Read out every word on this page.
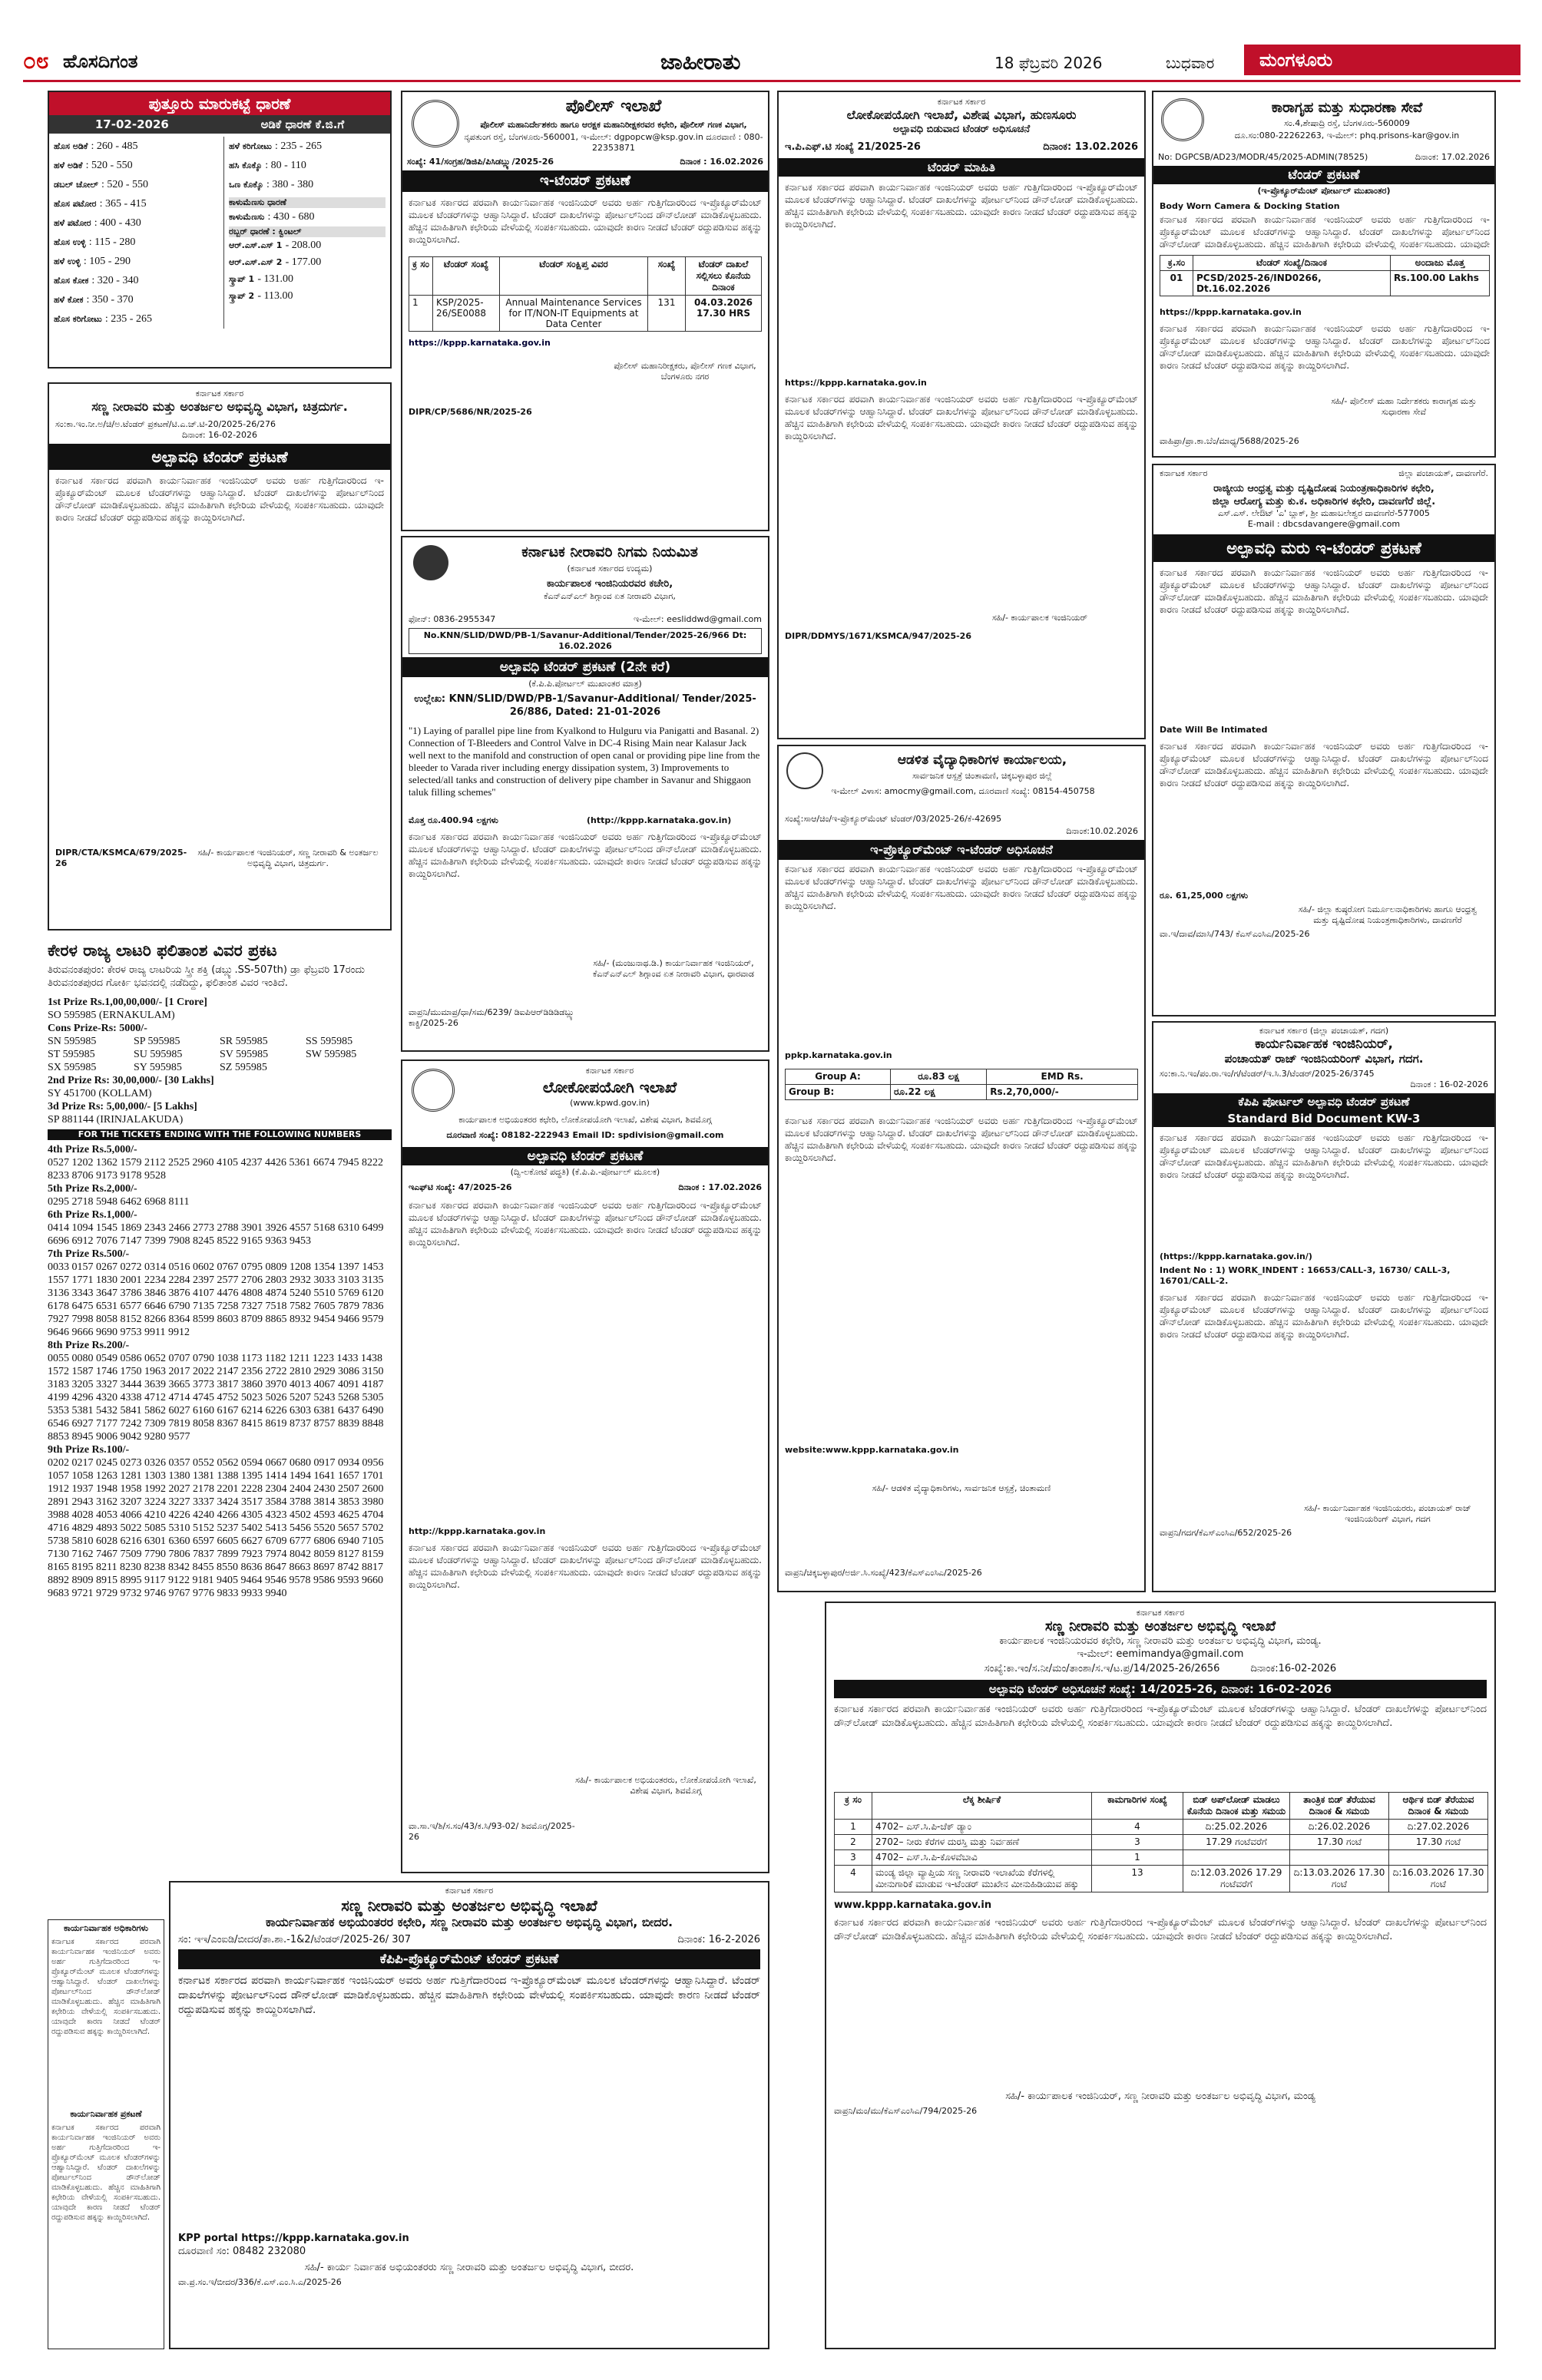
೦೮ ಹೊಸದಿಗಂತ	ಜಾಹೀರಾತು	18 ಫೆಬ್ರವರಿ 2026	ಬುಧವಾರ	ಮಂಗಳೂರು
ಪುತ್ತೂರು ಮಾರುಕಟ್ಟೆ ಧಾರಣೆ
17-02-2026	ಅಡಿಕೆ ಧಾರಣೆ ಕೆ.ಜಿ.ಗೆ
ಹೊಸ ಅಡಿಕೆ : 260 - 485
ಹಳೆ ಅಡಿಕೆ : 520 - 550
ಡಬಲ್ ಚೋಲ್ : 520 - 550
ಹೊಸ ಪಟೋರ : 365 - 415
ಹಳೆ ಪಟೋರ : 400 - 430
ಹೊಸ ಉಳ್ಳಿ : 115 - 280
ಹಳೆ ಉಳ್ಳಿ : 105 - 290
ಹೊಸ ಕೋಕ : 320 - 340
ಹಳೆ ಕೋಕ : 350 - 370
ಹೊಸ ಕರಿಗೋಟು : 235 - 265
ಹಳೆ ಕರಿಗೋಟು : 235 - 265
ಹಸಿ ಕೊಕ್ಕೊ : 80 - 110
ಒಣ ಕೊಕ್ಕೊ : 380 - 380
ಕಾಳುಮೆಣಸು ಧಾರಣೆ
ಕಾಳುಮೆಣಸು : 430 - 680
ರಬ್ಬರ್ ಧಾರಣೆ : ಕ್ವಿಂಟಲ್
ಆರ್.ಎಸ್.ಎಸ್ 1 - 208.00
ಆರ್.ಎಸ್.ಎಸ್ 2 - 177.00
ಸ್ಕ್ರಾಪ್ 1 - 131.00
ಸ್ಕ್ರಾಪ್ 2 - 113.00
ಪೊಲೀಸ್ ಇಲಾಖೆ
ಪೊಲೀಸ್ ಮಹಾನಿರ್ದೇಶಕರು ಹಾಗೂ ಆರಕ್ಷಕ ಮಹಾನಿರೀಕ್ಷಕರವರ ಕಛೇರಿ, ಪೊಲೀಸ್ ಗಣಕ ವಿಭಾಗ,
ನೃಪತುಂಗ ರಸ್ತೆ, ಬೆಂಗಳೂರು-560001, ಇ-ಮೇಲ್: dgpopcw@ksp.gov.in ದೂರವಾಣಿ : 080-22353871
ಸಂಖ್ಯೆ: 41/ಸಂಗ್ರಹ/ಡಿಜಿಪಿ/ಪಿಸಿಡಬ್ಲ್ಯು/2025-26	ದಿನಾಂಕ : 16.02.2026
ಇ-ಟೆಂಡರ್ ಪ್ರಕಟಣೆ
ಕರ್ನಾಟಕ ಸರ್ಕಾರದ ಪರವಾಗಿ ಕಾರ್ಯನಿರ್ವಾಹಕ ಇಂಜಿನಿಯರ್ ಅವರು ಅರ್ಹ ಗುತ್ತಿಗೆದಾರರಿಂದ ಇ-ಪ್ರೊಕ್ಯೂರ್‌ಮೆಂಟ್ ಮೂಲಕ ಟೆಂಡರ್‌ಗಳನ್ನು ಆಹ್ವಾನಿಸಿದ್ದಾರೆ. ಟೆಂಡರ್ ದಾಖಲೆಗಳನ್ನು ಪೋರ್ಟಲ್‌ನಿಂದ ಡೌನ್‌ಲೋಡ್ ಮಾಡಿಕೊಳ್ಳಬಹುದು. ಹೆಚ್ಚಿನ ಮಾಹಿತಿಗಾಗಿ ಕಛೇರಿಯ ವೇಳೆಯಲ್ಲಿ ಸಂಪರ್ಕಿಸಬಹುದು. ಯಾವುದೇ ಕಾರಣ ನೀಡದೆ ಟೆಂಡರ್ ರದ್ದುಪಡಿಸುವ ಹಕ್ಕನ್ನು ಕಾಯ್ದಿರಿಸಲಾಗಿದೆ.
ಕ್ರ ಸಂ	ಟೆಂಡರ್ ಸಂಖ್ಯೆ	ಟೆಂಡರ್ ಸಂಕ್ಷಿಪ್ತ ವಿವರ	ಸಂಖ್ಯೆ	ಟೆಂಡರ್ ದಾಖಲೆ ಸಲ್ಲಿಸಲು ಕೊನೆಯ ದಿನಾಂಕ
1	KSP/2025-26/SE0088	Annual Maintenance Services for IT/NON-IT Equipments at Data Center	131	04.03.2026 17.30 HRS
https://kppp.karnataka.gov.in
ಪೊಲೀಸ್ ಮಹಾನಿರೀಕ್ಷಕರು, ಪೊಲೀಸ್ ಗಣಕ ವಿಭಾಗ, ಬೆಂಗಳೂರು ನಗರ
DIPR/CP/5686/NR/2025-26
ಕರ್ನಾಟಕ ನೀರಾವರಿ ನಿಗಮ ನಿಯಮಿತ
(ಕರ್ನಾಟಕ ಸರ್ಕಾರದ ಉದ್ಯಮ)
ಕಾರ್ಯಪಾಲಕ ಇಂಜಿನಿಯರವರ ಕಚೇರಿ,
ಕೆಎನ್‌ಎನ್‌ಎಲ್ ಶಿಗ್ಗಾಂವ ಏತ ನೀರಾವರಿ ವಿಭಾಗ,
ಫೋನ್: 0836-2955347	ಇ-ಮೇಲ್: eesliddwd@gmail.com
No.KNN/SLID/DWD/PB-1/Savanur-Additional/Tender/2025-26/966 Dt: 16.02.2026
ಅಲ್ಪಾವಧಿ ಟೆಂಡರ್ ಪ್ರಕಟಣೆ (2ನೇ ಕರೆ)
(ಕೆ.ಪಿ.ಪಿ.ಪೋರ್ಟಲ್ ಮುಖಾಂತರ ಮಾತ್ರ)
ಉಲ್ಲೇಖ: KNN/SLID/DWD/PB-1/Savanur-Additional/ Tender/2025-26/886, Dated: 21-01-2026
"1) Laying of parallel pipe line from Kyalkond to Hulguru via Panigatti and Basanal. 2) Connection of T-Bleeders and Control Valve in DC-4 Rising Main near Kalasur Jack well next to the manifold and construction of open canal or providing pipe line from the bleeder to Varada river including energy dissipation system, 3) Improvements to selected/all tanks and construction of delivery pipe chamber in Savanur and Shiggaon taluk filling schemes"
ಮೊತ್ತ ರೂ.400.94 ಲಕ್ಷಗಳು	(http://kppp.karnataka.gov.in)
ಕರ್ನಾಟಕ ಸರ್ಕಾರದ ಪರವಾಗಿ ಕಾರ್ಯನಿರ್ವಾಹಕ ಇಂಜಿನಿಯರ್ ಅವರು ಅರ್ಹ ಗುತ್ತಿಗೆದಾರರಿಂದ ಇ-ಪ್ರೊಕ್ಯೂರ್‌ಮೆಂಟ್ ಮೂಲಕ ಟೆಂಡರ್‌ಗಳನ್ನು ಆಹ್ವಾನಿಸಿದ್ದಾರೆ. ಟೆಂಡರ್ ದಾಖಲೆಗಳನ್ನು ಪೋರ್ಟಲ್‌ನಿಂದ ಡೌನ್‌ಲೋಡ್ ಮಾಡಿಕೊಳ್ಳಬಹುದು. ಹೆಚ್ಚಿನ ಮಾಹಿತಿಗಾಗಿ ಕಛೇರಿಯ ವೇಳೆಯಲ್ಲಿ ಸಂಪರ್ಕಿಸಬಹುದು. ಯಾವುದೇ ಕಾರಣ ನೀಡದೆ ಟೆಂಡರ್ ರದ್ದುಪಡಿಸುವ ಹಕ್ಕನ್ನು ಕಾಯ್ದಿರಿಸಲಾಗಿದೆ.
ಸಹಿ/- (ಮಂಜುನಾಥ.ಡಿ.) ಕಾರ್ಯನಿರ್ವಾಹಕ ಇಂಜಿನಿಯರ್, ಕೆಎನ್‌ಎನ್‌ಎಲ್ ಶಿಗ್ಗಾಂವ ಏತ ನೀರಾವರಿ ವಿಭಾಗ, ಧಾರವಾಡ
ವಾಪ್ರನಿ/ಮುಮಾಪ್ರ/ಧಾ/ಸಮ/6239/ ಡಿಐಪಿಆರ್‌ಡಿಡಿಡಿಡಬ್ಲ್ಯು ಕಾಕ್ಡಿ/2025-26
ಕರ್ನಾಟಕ ಸರ್ಕಾರ
ಲೋಕೋಪಯೋಗಿ ಇಲಾಖೆ, ವಿಶೇಷ ವಿಭಾಗ, ಹುಣಸೂರು
ಅಲ್ಪಾವಧಿ ಬಿಡುವಾದ ಟೆಂಡರ್ ಅಧಿಸೂಚನೆ
ಇ.ಪಿ.ಎಫ್.ಟಿ ಸಂಖ್ಯೆ 21/2025-26	ದಿನಾಂಕ: 13.02.2026
ಟೆಂಡರ್ ಮಾಹಿತಿ
ಕರ್ನಾಟಕ ಸರ್ಕಾರದ ಪರವಾಗಿ ಕಾರ್ಯನಿರ್ವಾಹಕ ಇಂಜಿನಿಯರ್ ಅವರು ಅರ್ಹ ಗುತ್ತಿಗೆದಾರರಿಂದ ಇ-ಪ್ರೊಕ್ಯೂರ್‌ಮೆಂಟ್ ಮೂಲಕ ಟೆಂಡರ್‌ಗಳನ್ನು ಆಹ್ವಾನಿಸಿದ್ದಾರೆ. ಟೆಂಡರ್ ದಾಖಲೆಗಳನ್ನು ಪೋರ್ಟಲ್‌ನಿಂದ ಡೌನ್‌ಲೋಡ್ ಮಾಡಿಕೊಳ್ಳಬಹುದು. ಹೆಚ್ಚಿನ ಮಾಹಿತಿಗಾಗಿ ಕಛೇರಿಯ ವೇಳೆಯಲ್ಲಿ ಸಂಪರ್ಕಿಸಬಹುದು. ಯಾವುದೇ ಕಾರಣ ನೀಡದೆ ಟೆಂಡರ್ ರದ್ದುಪಡಿಸುವ ಹಕ್ಕನ್ನು ಕಾಯ್ದಿರಿಸಲಾಗಿದೆ.
https://kppp.karnataka.gov.in
ಕರ್ನಾಟಕ ಸರ್ಕಾರದ ಪರವಾಗಿ ಕಾರ್ಯನಿರ್ವಾಹಕ ಇಂಜಿನಿಯರ್ ಅವರು ಅರ್ಹ ಗುತ್ತಿಗೆದಾರರಿಂದ ಇ-ಪ್ರೊಕ್ಯೂರ್‌ಮೆಂಟ್ ಮೂಲಕ ಟೆಂಡರ್‌ಗಳನ್ನು ಆಹ್ವಾನಿಸಿದ್ದಾರೆ. ಟೆಂಡರ್ ದಾಖಲೆಗಳನ್ನು ಪೋರ್ಟಲ್‌ನಿಂದ ಡೌನ್‌ಲೋಡ್ ಮಾಡಿಕೊಳ್ಳಬಹುದು. ಹೆಚ್ಚಿನ ಮಾಹಿತಿಗಾಗಿ ಕಛೇರಿಯ ವೇಳೆಯಲ್ಲಿ ಸಂಪರ್ಕಿಸಬಹುದು. ಯಾವುದೇ ಕಾರಣ ನೀಡದೆ ಟೆಂಡರ್ ರದ್ದುಪಡಿಸುವ ಹಕ್ಕನ್ನು ಕಾಯ್ದಿರಿಸಲಾಗಿದೆ.
ಸಹಿ/- ಕಾರ್ಯಪಾಲಕ ಇಂಜಿನಿಯರ್
DIPR/DDMYS/1671/KSMCA/947/2025-26
ಕಾರಾಗೃಹ ಮತ್ತು ಸುಧಾರಣಾ ಸೇವೆ
ಸಂ.4,ಶೇಷಾದ್ರಿ ರಸ್ತೆ, ಬೆಂಗಳೂರು-560009
ದೂ.ಸಂ:080-22262263, ಇ-ಮೇಲ್: phq.prisons-kar@gov.in
No: DGPCSB/AD23/MODR/45/2025-ADMIN(78525)	ದಿನಾಂಕ: 17.02.2026
ಟೆಂಡರ್ ಪ್ರಕಟಣೆ
(ಇ-ಪ್ರೊಕ್ಯೂರ್‌ಮೆಂಟ್ ಪೋರ್ಟಲ್ ಮುಖಾಂತರ)
Body Worn Camera & Docking Station
ಕರ್ನಾಟಕ ಸರ್ಕಾರದ ಪರವಾಗಿ ಕಾರ್ಯನಿರ್ವಾಹಕ ಇಂಜಿನಿಯರ್ ಅವರು ಅರ್ಹ ಗುತ್ತಿಗೆದಾರರಿಂದ ಇ-ಪ್ರೊಕ್ಯೂರ್‌ಮೆಂಟ್ ಮೂಲಕ ಟೆಂಡರ್‌ಗಳನ್ನು ಆಹ್ವಾನಿಸಿದ್ದಾರೆ. ಟೆಂಡರ್ ದಾಖಲೆಗಳನ್ನು ಪೋರ್ಟಲ್‌ನಿಂದ ಡೌನ್‌ಲೋಡ್ ಮಾಡಿಕೊಳ್ಳಬಹುದು. ಹೆಚ್ಚಿನ ಮಾಹಿತಿಗಾಗಿ ಕಛೇರಿಯ ವೇಳೆಯಲ್ಲಿ ಸಂಪರ್ಕಿಸಬಹುದು. ಯಾವುದೇ
ಕ್ರ.ಸಂ	ಟೆಂಡರ್ ಸಂಖ್ಯೆ/ದಿನಾಂಕ	ಅಂದಾಜು ಮೊತ್ತ
01	PCSD/2025-26/IND0266, Dt.16.02.2026	Rs.100.00 Lakhs
https://kppp.karnataka.gov.in
ಕರ್ನಾಟಕ ಸರ್ಕಾರದ ಪರವಾಗಿ ಕಾರ್ಯನಿರ್ವಾಹಕ ಇಂಜಿನಿಯರ್ ಅವರು ಅರ್ಹ ಗುತ್ತಿಗೆದಾರರಿಂದ ಇ-ಪ್ರೊಕ್ಯೂರ್‌ಮೆಂಟ್ ಮೂಲಕ ಟೆಂಡರ್‌ಗಳನ್ನು ಆಹ್ವಾನಿಸಿದ್ದಾರೆ. ಟೆಂಡರ್ ದಾಖಲೆಗಳನ್ನು ಪೋರ್ಟಲ್‌ನಿಂದ ಡೌನ್‌ಲೋಡ್ ಮಾಡಿಕೊಳ್ಳಬಹುದು. ಹೆಚ್ಚಿನ ಮಾಹಿತಿಗಾಗಿ ಕಛೇರಿಯ ವೇಳೆಯಲ್ಲಿ ಸಂಪರ್ಕಿಸಬಹುದು. ಯಾವುದೇ ಕಾರಣ ನೀಡದೆ ಟೆಂಡರ್ ರದ್ದುಪಡಿಸುವ ಹಕ್ಕನ್ನು ಕಾಯ್ದಿರಿಸಲಾಗಿದೆ.
ಸಹಿ/- ಪೊಲೀಸ್ ಮಹಾ ನಿರ್ದೇಶಕರು ಕಾರಾಗೃಹ ಮತ್ತು ಸುಧಾರಣಾ ಸೇವೆ
ವಾಹಿಪ್ರಾ/ಪ್ರಾ.ಕಾ.ಬೆಂ/ಮಾಧ್ಯ/5688/2025-26
ಕರ್ನಾಟಕ ಸರ್ಕಾರ	ಜಿಲ್ಲಾ ಪಂಚಾಯತ್, ದಾವಣಗೆರೆ.
ರಾಜ್ಯೀಯ ಆಂಧ್ರತ್ವ ಮತ್ತು ದೃಷ್ಟಿದೋಷ ನಿಯಂತ್ರಣಾಧಿಕಾರಿಗಳ ಕಛೇರಿ,
ಜಿಲ್ಲಾ ಆರೋಗ್ಯ ಮತ್ತು ಕು.ಕ. ಅಧಿಕಾರಿಗಳ ಕಛೇರಿ, ದಾವಣಗೆರೆ ಜಿಲ್ಲೆ.
ಎಸ್.ಎಸ್. ಲೇಔಟ್ 'ಎ' ಬ್ಲಾಕ್, ಶ್ರೀ ಮಹಾಬಲೇಶ್ವರ ದಾವಣಗೆರೆ-577005
E-mail : dbcsdavangere@gmail.com
ಅಲ್ಪಾವಧಿ ಮರು ಇ-ಟೆಂಡರ್ ಪ್ರಕಟಣೆ
ಕರ್ನಾಟಕ ಸರ್ಕಾರದ ಪರವಾಗಿ ಕಾರ್ಯನಿರ್ವಾಹಕ ಇಂಜಿನಿಯರ್ ಅವರು ಅರ್ಹ ಗುತ್ತಿಗೆದಾರರಿಂದ ಇ-ಪ್ರೊಕ್ಯೂರ್‌ಮೆಂಟ್ ಮೂಲಕ ಟೆಂಡರ್‌ಗಳನ್ನು ಆಹ್ವಾನಿಸಿದ್ದಾರೆ. ಟೆಂಡರ್ ದಾಖಲೆಗಳನ್ನು ಪೋರ್ಟಲ್‌ನಿಂದ ಡೌನ್‌ಲೋಡ್ ಮಾಡಿಕೊಳ್ಳಬಹುದು. ಹೆಚ್ಚಿನ ಮಾಹಿತಿಗಾಗಿ ಕಛೇರಿಯ ವೇಳೆಯಲ್ಲಿ ಸಂಪರ್ಕಿಸಬಹುದು. ಯಾವುದೇ ಕಾರಣ ನೀಡದೆ ಟೆಂಡರ್ ರದ್ದುಪಡಿಸುವ ಹಕ್ಕನ್ನು ಕಾಯ್ದಿರಿಸಲಾಗಿದೆ.
Date Will Be Intimated
ಕರ್ನಾಟಕ ಸರ್ಕಾರದ ಪರವಾಗಿ ಕಾರ್ಯನಿರ್ವಾಹಕ ಇಂಜಿನಿಯರ್ ಅವರು ಅರ್ಹ ಗುತ್ತಿಗೆದಾರರಿಂದ ಇ-ಪ್ರೊಕ್ಯೂರ್‌ಮೆಂಟ್ ಮೂಲಕ ಟೆಂಡರ್‌ಗಳನ್ನು ಆಹ್ವಾನಿಸಿದ್ದಾರೆ. ಟೆಂಡರ್ ದಾಖಲೆಗಳನ್ನು ಪೋರ್ಟಲ್‌ನಿಂದ ಡೌನ್‌ಲೋಡ್ ಮಾಡಿಕೊಳ್ಳಬಹುದು. ಹೆಚ್ಚಿನ ಮಾಹಿತಿಗಾಗಿ ಕಛೇರಿಯ ವೇಳೆಯಲ್ಲಿ ಸಂಪರ್ಕಿಸಬಹುದು. ಯಾವುದೇ ಕಾರಣ ನೀಡದೆ ಟೆಂಡರ್ ರದ್ದುಪಡಿಸುವ ಹಕ್ಕನ್ನು ಕಾಯ್ದಿರಿಸಲಾಗಿದೆ.
ರೂ. 61,25,000 ಲಕ್ಷಗಳು
ಸಹಿ/- ಜಿಲ್ಲಾ ಕುಷ್ಠರೋಗ ನಿರ್ಮೂಲನಾಧಿಕಾರಿಗಳು ಹಾಗೂ ಆಂಧ್ರತ್ವ ಮತ್ತು ದೃಷ್ಟಿದೋಷ ನಿಯಂತ್ರಣಾಧಿಕಾರಿಗಳು, ದಾವಣಗೆರೆ
ವಾ.ಇ/ದಾವ/ಮಾಸಿ/743/ ಕೆಎಸ್‌ಎಂಸಿಎ/2025-26
ಕರ್ನಾಟಕ ಸರ್ಕಾರ
ಸಣ್ಣ ನೀರಾವರಿ ಮತ್ತು ಅಂತರ್ಜಲ ಅಭಿವೃದ್ಧಿ ವಿಭಾಗ, ಚಿತ್ರದುರ್ಗ.
ಸಂ:ಕಾ.ಇಂ.ನೀ.ಅ/ಚಿ/ಅ.ಟೆಂಡರ್ ಪ್ರಕಟಣೆ/ಟಿ.ಎ.ಚ್.ಟಿ-20/2025-26/276
ದಿನಾಂಕ: 16-02-2026
ಅಲ್ಪಾವಧಿ ಟೆಂಡರ್ ಪ್ರಕಟಣೆ
ಕರ್ನಾಟಕ ಸರ್ಕಾರದ ಪರವಾಗಿ ಕಾರ್ಯನಿರ್ವಾಹಕ ಇಂಜಿನಿಯರ್ ಅವರು ಅರ್ಹ ಗುತ್ತಿಗೆದಾರರಿಂದ ಇ-ಪ್ರೊಕ್ಯೂರ್‌ಮೆಂಟ್ ಮೂಲಕ ಟೆಂಡರ್‌ಗಳನ್ನು ಆಹ್ವಾನಿಸಿದ್ದಾರೆ. ಟೆಂಡರ್ ದಾಖಲೆಗಳನ್ನು ಪೋರ್ಟಲ್‌ನಿಂದ ಡೌನ್‌ಲೋಡ್ ಮಾಡಿಕೊಳ್ಳಬಹುದು. ಹೆಚ್ಚಿನ ಮಾಹಿತಿಗಾಗಿ ಕಛೇರಿಯ ವೇಳೆಯಲ್ಲಿ ಸಂಪರ್ಕಿಸಬಹುದು. ಯಾವುದೇ ಕಾರಣ ನೀಡದೆ ಟೆಂಡರ್ ರದ್ದುಪಡಿಸುವ ಹಕ್ಕನ್ನು ಕಾಯ್ದಿರಿಸಲಾಗಿದೆ.
DIPR/CTA/KSMCA/679/2025-26
ಸಹಿ/- ಕಾರ್ಯಪಾಲಕ ಇಂಜಿನಿಯರ್, ಸಣ್ಣ ನೀರಾವರಿ & ಅಂತರ್ಜಲ ಅಭಿವೃದ್ಧಿ ವಿಭಾಗ, ಚಿತ್ರದುರ್ಗ.
ಕೇರಳ ರಾಜ್ಯ ಲಾಟರಿ ಫಲಿತಾಂಶ ವಿವರ ಪ್ರಕಟ
ತಿರುವನಂತಪುರಂ: ಕೇರಳ ರಾಜ್ಯ ಲಾಟರಿಯ ಸ್ತ್ರೀ ಶಕ್ತಿ (ಡಬ್ಲ್ಯು.SS-507th) ಡ್ರಾ ಫೆಬ್ರವರಿ 17ರಂದು ತಿರುವನಂತಪುರದ ಗೋರ್ಕಿ ಭವನದಲ್ಲಿ ನಡೆದಿದ್ದು, ಫಲಿತಾಂಶ ವಿವರ ಇಂತಿದೆ.
1st Prize Rs.1,00,00,000/- [1 Crore]
SO 595985 (ERNAKULAM)
Cons Prize-Rs: 5000/-
SN 595985	SP 595985	SR 595985	SS 595985
ST 595985	SU 595985	SV 595985	SW 595985
SX 595985	SY 595985	SZ 595985
2nd Prize Rs: 30,00,000/- [30 Lakhs]
SY 451700 (KOLLAM)
3d Prize Rs: 5,00,000/- [5 Lakhs]
SP 881144 (IRINJALAKUDA)
FOR THE TICKETS ENDING WITH THE FOLLOWING NUMBERS
4th Prize Rs.5,000/-
0527 1202 1362 1579 2112 2525 2960 4105 4237 4426 5361 6674 7945 8222 8233 8706 9173 9178 9528
5th Prize Rs.2,000/-
0295 2718 5948 6462 6968 8111
6th Prize Rs.1,000/-
0414 1094 1545 1869 2343 2466 2773 2788 3901 3926 4557 5168 6310 6499 6696 6912 7076 7147 7399 7908 8245 8522 9165 9363 9453
7th Prize Rs.500/-
0033 0157 0267 0272 0314 0516 0602 0767 0795 0809 1208 1354 1397 1453 1557 1771 1830 2001 2234 2284 2397 2577 2706 2803 2932 3033 3103 3135 3136 3343 3647 3786 3846 3876 4107 4476 4808 4874 5240 5510 5769 6120 6178 6475 6531 6577 6646 6790 7135 7258 7327 7518 7582 7605 7879 7836 7927 7998 8058 8152 8266 8364 8599 8603 8709 8865 8932 9454 9466 9579 9646 9666 9690 9753 9911 9912
8th Prize Rs.200/-
0055 0080 0549 0586 0652 0707 0790 1038 1173 1182 1211 1223 1433 1438 1572 1587 1746 1750 1963 2017 2022 2147 2356 2722 2810 2929 3086 3150 3183 3205 3327 3444 3639 3665 3773 3817 3860 3970 4013 4067 4091 4187 4199 4296 4320 4338 4712 4714 4745 4752 5023 5026 5207 5243 5268 5305 5353 5381 5432 5841 5862 6027 6160 6167 6214 6226 6303 6381 6437 6490 6546 6927 7177 7242 7309 7819 8058 8367 8415 8619 8737 8757 8839 8848 8853 8945 9006 9042 9280 9577
9th Prize Rs.100/-
0202 0217 0245 0273 0326 0357 0552 0562 0594 0667 0680 0917 0934 0956 1057 1058 1263 1281 1303 1380 1381 1388 1395 1414 1494 1641 1657 1701 1912 1937 1948 1958 1992 2027 2178 2201 2228 2304 2404 2430 2507 2600 2891 2943 3162 3207 3224 3227 3337 3424 3517 3584 3788 3814 3853 3980 3988 4028 4053 4066 4210 4226 4240 4266 4305 4323 4502 4593 4625 4704 4716 4829 4893 5022 5085 5310 5152 5237 5402 5413 5456 5520 5657 5702 5738 5810 6028 6216 6301 6360 6597 6605 6627 6709 6777 6806 6940 7105 7130 7162 7467 7509 7790 7806 7837 7899 7923 7974 8042 8059 8127 8159 8165 8195 8211 8230 8238 8342 8455 8550 8636 8647 8663 8697 8742 8817 8892 8909 8915 8995 9117 9122 9181 9405 9464 9546 9578 9586 9593 9660 9683 9721 9729 9732 9746 9767 9776 9833 9933 9940
ಆಡಳಿತ ವೈದ್ಯಾಧಿಕಾರಿಗಳ ಕಾರ್ಯಾಲಯ,
ಸಾರ್ವಜನಿಕ ಆಸ್ಪತ್ರೆ ಚಿಂತಾಮಣಿ, ಚಿಕ್ಕಬಳ್ಳಾಪುರ ಜಿಲ್ಲೆ
ಇ-ಮೇಲ್ ವಿಳಾಸ: amocmy@gmail.com, ದೂರವಾಣಿ ಸಂಖ್ಯೆ: 08154-450758
ಸಂಖ್ಯೆ:ಸಾಆ/ಚಿಂ/ಇ-ಪ್ರೊಕ್ಯೂರ್‌ಮೆಂಟ್ ಟೆಂಡರ್/03/2025-26/ಕೆ-42695
ದಿನಾಂಕ:10.02.2026
ಇ-ಪ್ರೊಕ್ಯೂರ್‌ಮೆಂಟ್ ಇ-ಟೆಂಡರ್ ಅಧಿಸೂಚನೆ
ಕರ್ನಾಟಕ ಸರ್ಕಾರದ ಪರವಾಗಿ ಕಾರ್ಯನಿರ್ವಾಹಕ ಇಂಜಿನಿಯರ್ ಅವರು ಅರ್ಹ ಗುತ್ತಿಗೆದಾರರಿಂದ ಇ-ಪ್ರೊಕ್ಯೂರ್‌ಮೆಂಟ್ ಮೂಲಕ ಟೆಂಡರ್‌ಗಳನ್ನು ಆಹ್ವಾನಿಸಿದ್ದಾರೆ. ಟೆಂಡರ್ ದಾಖಲೆಗಳನ್ನು ಪೋರ್ಟಲ್‌ನಿಂದ ಡೌನ್‌ಲೋಡ್ ಮಾಡಿಕೊಳ್ಳಬಹುದು. ಹೆಚ್ಚಿನ ಮಾಹಿತಿಗಾಗಿ ಕಛೇರಿಯ ವೇಳೆಯಲ್ಲಿ ಸಂಪರ್ಕಿಸಬಹುದು. ಯಾವುದೇ ಕಾರಣ ನೀಡದೆ ಟೆಂಡರ್ ರದ್ದುಪಡಿಸುವ ಹಕ್ಕನ್ನು ಕಾಯ್ದಿರಿಸಲಾಗಿದೆ.
ppkp.karnataka.gov.in
Group A:	ರೂ.83 ಲಕ್ಷ	EMD Rs.
Group B:	ರೂ.22 ಲಕ್ಷ	Rs.2,70,000/-
ಕರ್ನಾಟಕ ಸರ್ಕಾರದ ಪರವಾಗಿ ಕಾರ್ಯನಿರ್ವಾಹಕ ಇಂಜಿನಿಯರ್ ಅವರು ಅರ್ಹ ಗುತ್ತಿಗೆದಾರರಿಂದ ಇ-ಪ್ರೊಕ್ಯೂರ್‌ಮೆಂಟ್ ಮೂಲಕ ಟೆಂಡರ್‌ಗಳನ್ನು ಆಹ್ವಾನಿಸಿದ್ದಾರೆ. ಟೆಂಡರ್ ದಾಖಲೆಗಳನ್ನು ಪೋರ್ಟಲ್‌ನಿಂದ ಡೌನ್‌ಲೋಡ್ ಮಾಡಿಕೊಳ್ಳಬಹುದು. ಹೆಚ್ಚಿನ ಮಾಹಿತಿಗಾಗಿ ಕಛೇರಿಯ ವೇಳೆಯಲ್ಲಿ ಸಂಪರ್ಕಿಸಬಹುದು. ಯಾವುದೇ ಕಾರಣ ನೀಡದೆ ಟೆಂಡರ್ ರದ್ದುಪಡಿಸುವ ಹಕ್ಕನ್ನು ಕಾಯ್ದಿರಿಸಲಾಗಿದೆ.
website:www.kppp.karnataka.gov.in
ಸಹಿ/- ಆಡಳಿತ ವೈದ್ಯಾಧಿಕಾರಿಗಳು, ಸಾರ್ವಜನಿಕ ಆಸ್ಪತ್ರೆ, ಚಿಂತಾಮಣಿ
ವಾಪ್ರನಿ/ಚಿಕ್ಕಬಳ್ಳಾಪುರ/ಅರ್ಜಿ.ಸಿ.ಸಂಖ್ಯೆ/423/ಕೆಎಸ್‌ಎಂಸಿಎ/2025-26
ಕರ್ನಾಟಕ ಸರ್ಕಾರ (ಜಿಲ್ಲಾ ಪಂಚಾಯತ್, ಗದಗ)
ಕಾರ್ಯನಿರ್ವಾಹಕ ಇಂಜಿನಿಯರ್,
ಪಂಚಾಯತ್ ರಾಜ್ ಇಂಜಿನಿಯರಿಂಗ್ ವಿಭಾಗ, ಗದಗ.
ಸಂ:ಕಾ.ನಿ.ಇಂ/ಪಂ.ರಾ.ಇಂ/ಗ/ಟೆಂಡರ್/ಇ.ಸಿ.3/ಟೆಂಡರ್/2025-26/3745
ದಿನಾಂಕ : 16-02-2026
ಕೆಪಿಪಿ ಪೋರ್ಟಲ್ ಅಲ್ಪಾವಧಿ ಟೆಂಡರ್ ಪ್ರಕಟಣೆ
Standard Bid Document KW-3
ಕರ್ನಾಟಕ ಸರ್ಕಾರದ ಪರವಾಗಿ ಕಾರ್ಯನಿರ್ವಾಹಕ ಇಂಜಿನಿಯರ್ ಅವರು ಅರ್ಹ ಗುತ್ತಿಗೆದಾರರಿಂದ ಇ-ಪ್ರೊಕ್ಯೂರ್‌ಮೆಂಟ್ ಮೂಲಕ ಟೆಂಡರ್‌ಗಳನ್ನು ಆಹ್ವಾನಿಸಿದ್ದಾರೆ. ಟೆಂಡರ್ ದಾಖಲೆಗಳನ್ನು ಪೋರ್ಟಲ್‌ನಿಂದ ಡೌನ್‌ಲೋಡ್ ಮಾಡಿಕೊಳ್ಳಬಹುದು. ಹೆಚ್ಚಿನ ಮಾಹಿತಿಗಾಗಿ ಕಛೇರಿಯ ವೇಳೆಯಲ್ಲಿ ಸಂಪರ್ಕಿಸಬಹುದು. ಯಾವುದೇ ಕಾರಣ ನೀಡದೆ ಟೆಂಡರ್ ರದ್ದುಪಡಿಸುವ ಹಕ್ಕನ್ನು ಕಾಯ್ದಿರಿಸಲಾಗಿದೆ.
(https://kppp.karnataka.gov.in/)
Indent No : 1) WORK_INDENT : 16653/CALL-3, 16730/ CALL-3, 16701/CALL-2.
ಕರ್ನಾಟಕ ಸರ್ಕಾರದ ಪರವಾಗಿ ಕಾರ್ಯನಿರ್ವಾಹಕ ಇಂಜಿನಿಯರ್ ಅವರು ಅರ್ಹ ಗುತ್ತಿಗೆದಾರರಿಂದ ಇ-ಪ್ರೊಕ್ಯೂರ್‌ಮೆಂಟ್ ಮೂಲಕ ಟೆಂಡರ್‌ಗಳನ್ನು ಆಹ್ವಾನಿಸಿದ್ದಾರೆ. ಟೆಂಡರ್ ದಾಖಲೆಗಳನ್ನು ಪೋರ್ಟಲ್‌ನಿಂದ ಡೌನ್‌ಲೋಡ್ ಮಾಡಿಕೊಳ್ಳಬಹುದು. ಹೆಚ್ಚಿನ ಮಾಹಿತಿಗಾಗಿ ಕಛೇರಿಯ ವೇಳೆಯಲ್ಲಿ ಸಂಪರ್ಕಿಸಬಹುದು. ಯಾವುದೇ ಕಾರಣ ನೀಡದೆ ಟೆಂಡರ್ ರದ್ದುಪಡಿಸುವ ಹಕ್ಕನ್ನು ಕಾಯ್ದಿರಿಸಲಾಗಿದೆ.
ಸಹಿ/- ಕಾರ್ಯನಿರ್ವಾಹಕ ಇಂಜಿನಿಯರರು, ಪಂಚಾಯತ್ ರಾಜ್ ಇಂಜಿನಿಯರಿಂಗ್ ವಿಭಾಗ, ಗದಗ
ವಾಪ್ರನಿ/ಗದಗ/ಕೆಎಸ್‌ಎಂಸಿಎ/652/2025-26
ಕರ್ನಾಟಕ ಸರ್ಕಾರ
ಲೋಕೋಪಯೋಗಿ ಇಲಾಖೆ
(www.kpwd.gov.in)
ಕಾರ್ಯಪಾಲಕ ಅಭಿಯಂತರರ ಕಛೇರಿ, ಲೋಕೋಪಯೋಗಿ ಇಲಾಖೆ, ವಿಶೇಷ ವಿಭಾಗ, ಶಿವಮೊಗ್ಗ
ದೂರವಾಣಿ ಸಂಖ್ಯೆ: 08182-222943 Email ID: spdivision@gmail.com
ಅಲ್ಪಾವಧಿ ಟೆಂಡರ್ ಪ್ರಕಟಣೆ
(ದ್ವಿ-ಲಕೋಟೆ ಪದ್ಧತಿ) (ಕೆ.ಪಿ.ಪಿ.-ಪೋರ್ಟಲ್ ಮೂಲಕ)
ಇಎಫ್‌ಟಿ ಸಂಖ್ಯೆ: 47/2025-26	ದಿನಾಂಕ : 17.02.2026
ಕರ್ನಾಟಕ ಸರ್ಕಾರದ ಪರವಾಗಿ ಕಾರ್ಯನಿರ್ವಾಹಕ ಇಂಜಿನಿಯರ್ ಅವರು ಅರ್ಹ ಗುತ್ತಿಗೆದಾರರಿಂದ ಇ-ಪ್ರೊಕ್ಯೂರ್‌ಮೆಂಟ್ ಮೂಲಕ ಟೆಂಡರ್‌ಗಳನ್ನು ಆಹ್ವಾನಿಸಿದ್ದಾರೆ. ಟೆಂಡರ್ ದಾಖಲೆಗಳನ್ನು ಪೋರ್ಟಲ್‌ನಿಂದ ಡೌನ್‌ಲೋಡ್ ಮಾಡಿಕೊಳ್ಳಬಹುದು. ಹೆಚ್ಚಿನ ಮಾಹಿತಿಗಾಗಿ ಕಛೇರಿಯ ವೇಳೆಯಲ್ಲಿ ಸಂಪರ್ಕಿಸಬಹುದು. ಯಾವುದೇ ಕಾರಣ ನೀಡದೆ ಟೆಂಡರ್ ರದ್ದುಪಡಿಸುವ ಹಕ್ಕನ್ನು ಕಾಯ್ದಿರಿಸಲಾಗಿದೆ.
http://kppp.karnataka.gov.in
ಕರ್ನಾಟಕ ಸರ್ಕಾರದ ಪರವಾಗಿ ಕಾರ್ಯನಿರ್ವಾಹಕ ಇಂಜಿನಿಯರ್ ಅವರು ಅರ್ಹ ಗುತ್ತಿಗೆದಾರರಿಂದ ಇ-ಪ್ರೊಕ್ಯೂರ್‌ಮೆಂಟ್ ಮೂಲಕ ಟೆಂಡರ್‌ಗಳನ್ನು ಆಹ್ವಾನಿಸಿದ್ದಾರೆ. ಟೆಂಡರ್ ದಾಖಲೆಗಳನ್ನು ಪೋರ್ಟಲ್‌ನಿಂದ ಡೌನ್‌ಲೋಡ್ ಮಾಡಿಕೊಳ್ಳಬಹುದು. ಹೆಚ್ಚಿನ ಮಾಹಿತಿಗಾಗಿ ಕಛೇರಿಯ ವೇಳೆಯಲ್ಲಿ ಸಂಪರ್ಕಿಸಬಹುದು. ಯಾವುದೇ ಕಾರಣ ನೀಡದೆ ಟೆಂಡರ್ ರದ್ದುಪಡಿಸುವ ಹಕ್ಕನ್ನು ಕಾಯ್ದಿರಿಸಲಾಗಿದೆ.
ಸಹಿ/- ಕಾರ್ಯಪಾಲಕ ಅಭಿಯಂತರರು, ಲೋಕೋಪಯೋಗಿ ಇಲಾಖೆ, ವಿಶೇಷ ವಿಭಾಗ, ಶಿವಮೊಗ್ಗ
ವಾ.ಸಾ.ಇ/ಶಿ/ಸ.ಸಂ/43/ಕ.ಸಿ/93-02/ ಶಿವಮೊಗ್ಗ/2025-26
ಕಾರ್ಯನಿರ್ವಾಹಕ ಅಧಿಕಾರಿಗಳು
ಕರ್ನಾಟಕ ಸರ್ಕಾರದ ಪರವಾಗಿ ಕಾರ್ಯನಿರ್ವಾಹಕ ಇಂಜಿನಿಯರ್ ಅವರು ಅರ್ಹ ಗುತ್ತಿಗೆದಾರರಿಂದ ಇ-ಪ್ರೊಕ್ಯೂರ್‌ಮೆಂಟ್ ಮೂಲಕ ಟೆಂಡರ್‌ಗಳನ್ನು ಆಹ್ವಾನಿಸಿದ್ದಾರೆ. ಟೆಂಡರ್ ದಾಖಲೆಗಳನ್ನು ಪೋರ್ಟಲ್‌ನಿಂದ ಡೌನ್‌ಲೋಡ್ ಮಾಡಿಕೊಳ್ಳಬಹುದು. ಹೆಚ್ಚಿನ ಮಾಹಿತಿಗಾಗಿ ಕಛೇರಿಯ ವೇಳೆಯಲ್ಲಿ ಸಂಪರ್ಕಿಸಬಹುದು. ಯಾವುದೇ ಕಾರಣ ನೀಡದೆ ಟೆಂಡರ್ ರದ್ದುಪಡಿಸುವ ಹಕ್ಕನ್ನು ಕಾಯ್ದಿರಿಸಲಾಗಿದೆ.
ಕಾರ್ಯನಿರ್ವಾಹಕ ಪ್ರಕಟಣೆ
ಕರ್ನಾಟಕ ಸರ್ಕಾರದ ಪರವಾಗಿ ಕಾರ್ಯನಿರ್ವಾಹಕ ಇಂಜಿನಿಯರ್ ಅವರು ಅರ್ಹ ಗುತ್ತಿಗೆದಾರರಿಂದ ಇ-ಪ್ರೊಕ್ಯೂರ್‌ಮೆಂಟ್ ಮೂಲಕ ಟೆಂಡರ್‌ಗಳನ್ನು ಆಹ್ವಾನಿಸಿದ್ದಾರೆ. ಟೆಂಡರ್ ದಾಖಲೆಗಳನ್ನು ಪೋರ್ಟಲ್‌ನಿಂದ ಡೌನ್‌ಲೋಡ್ ಮಾಡಿಕೊಳ್ಳಬಹುದು. ಹೆಚ್ಚಿನ ಮಾಹಿತಿಗಾಗಿ ಕಛೇರಿಯ ವೇಳೆಯಲ್ಲಿ ಸಂಪರ್ಕಿಸಬಹುದು. ಯಾವುದೇ ಕಾರಣ ನೀಡದೆ ಟೆಂಡರ್ ರದ್ದುಪಡಿಸುವ ಹಕ್ಕನ್ನು ಕಾಯ್ದಿರಿಸಲಾಗಿದೆ.
ಕರ್ನಾಟಕ ಸರ್ಕಾರ
ಸಣ್ಣ ನೀರಾವರಿ ಮತ್ತು ಅಂತರ್ಜಲ ಅಭಿವೃದ್ಧಿ ಇಲಾಖೆ
ಕಾರ್ಯನಿರ್ವಾಹಕ ಅಭಿಯಂತರರ ಕಛೇರಿ, ಸಣ್ಣ ನೀರಾವರಿ ಮತ್ತು ಅಂತರ್ಜಲ ಅಭಿವೃದ್ಧಿ ವಿಭಾಗ, ಬೀದರ.
ಸಂ: ಇಇ/ಎಂಐಡಿ/ಬೀದರ/ತಾ.ಶಾ.-1&2/ಟೆಂಡರ್/2025-26/ 307	ದಿನಾಂಕ: 16-2-2026
ಕೆಪಿಪಿ-ಪ್ರೊಕ್ಯೂರ್‌ಮೆಂಟ್ ಟೆಂಡರ್ ಪ್ರಕಟಣೆ
ಕರ್ನಾಟಕ ಸರ್ಕಾರದ ಪರವಾಗಿ ಕಾರ್ಯನಿರ್ವಾಹಕ ಇಂಜಿನಿಯರ್ ಅವರು ಅರ್ಹ ಗುತ್ತಿಗೆದಾರರಿಂದ ಇ-ಪ್ರೊಕ್ಯೂರ್‌ಮೆಂಟ್ ಮೂಲಕ ಟೆಂಡರ್‌ಗಳನ್ನು ಆಹ್ವಾನಿಸಿದ್ದಾರೆ. ಟೆಂಡರ್ ದಾಖಲೆಗಳನ್ನು ಪೋರ್ಟಲ್‌ನಿಂದ ಡೌನ್‌ಲೋಡ್ ಮಾಡಿಕೊಳ್ಳಬಹುದು. ಹೆಚ್ಚಿನ ಮಾಹಿತಿಗಾಗಿ ಕಛೇರಿಯ ವೇಳೆಯಲ್ಲಿ ಸಂಪರ್ಕಿಸಬಹುದು. ಯಾವುದೇ ಕಾರಣ ನೀಡದೆ ಟೆಂಡರ್ ರದ್ದುಪಡಿಸುವ ಹಕ್ಕನ್ನು ಕಾಯ್ದಿರಿಸಲಾಗಿದೆ.
KPP portal https://kppp.karnataka.gov.in
ದೂರವಾಣಿ ಸಂ: 08482 232080
ಸಹಿ/- ಕಾರ್ಯ ನಿರ್ವಾಹಕ ಅಭಿಯಂತರರು ಸಣ್ಣ ನೀರಾವರಿ ಮತ್ತು ಅಂತರ್ಜಲ ಅಭಿವೃದ್ಧಿ ವಿಭಾಗ, ಬೀದರ.
ವಾ.ಪ್ರ.ಸಂ.ಇ/ಬೀದರ/336/ಕೆ.ಎಸ್.ಎಂ.ಸಿ.ಎ/2025-26
ಕರ್ನಾಟಕ ಸರ್ಕಾರ
ಸಣ್ಣ ನೀರಾವರಿ ಮತ್ತು ಅಂತರ್ಜಲ ಅಭಿವೃದ್ಧಿ ಇಲಾಖೆ
ಕಾರ್ಯಪಾಲಕ ಇಂಜಿನಿಯರವರ ಕಛೇರಿ, ಸಣ್ಣ ನೀರಾವರಿ ಮತ್ತು ಅಂತರ್ಜಲ ಅಭಿವೃದ್ಧಿ ವಿಭಾಗ, ಮಂಡ್ಯ.
ಇ-ಮೇಲ್: eemimandya@gmail.com
ಸಂಖ್ಯೆ:ಕಾ.ಇಂ/ಸ.ನೀ/ಮಂ/ತಾಂಶಾ/ಸ.ಇ/ಟ.ಪ್ರ/14/2025-26/2656	ದಿನಾಂಕ:16-02-2026
ಅಲ್ಪಾವಧಿ ಟೆಂಡರ್ ಅಧಿಸೂಚನೆ ಸಂಖ್ಯೆ: 14/2025-26, ದಿನಾಂಕ: 16-02-2026
ಕರ್ನಾಟಕ ಸರ್ಕಾರದ ಪರವಾಗಿ ಕಾರ್ಯನಿರ್ವಾಹಕ ಇಂಜಿನಿಯರ್ ಅವರು ಅರ್ಹ ಗುತ್ತಿಗೆದಾರರಿಂದ ಇ-ಪ್ರೊಕ್ಯೂರ್‌ಮೆಂಟ್ ಮೂಲಕ ಟೆಂಡರ್‌ಗಳನ್ನು ಆಹ್ವಾನಿಸಿದ್ದಾರೆ. ಟೆಂಡರ್ ದಾಖಲೆಗಳನ್ನು ಪೋರ್ಟಲ್‌ನಿಂದ ಡೌನ್‌ಲೋಡ್ ಮಾಡಿಕೊಳ್ಳಬಹುದು. ಹೆಚ್ಚಿನ ಮಾಹಿತಿಗಾಗಿ ಕಛೇರಿಯ ವೇಳೆಯಲ್ಲಿ ಸಂಪರ್ಕಿಸಬಹುದು. ಯಾವುದೇ ಕಾರಣ ನೀಡದೆ ಟೆಂಡರ್ ರದ್ದುಪಡಿಸುವ ಹಕ್ಕನ್ನು ಕಾಯ್ದಿರಿಸಲಾಗಿದೆ.
ಕ್ರ ಸಂ	ಲೆಕ್ಕ ಶೀರ್ಷಿಕೆ	ಕಾಮಗಾರಿಗಳ ಸಂಖ್ಯೆ	ಬಿಡ್ ಅಪ್‌ಲೋಡ್ ಮಾಡಲು ಕೊನೆಯ ದಿನಾಂಕ ಮತ್ತು ಸಮಯ	ತಾಂತ್ರಿಕ ಬಿಡ್ ತೆರೆಯುವ ದಿನಾಂಕ & ಸಮಯ	ಆರ್ಥಿಕ ಬಿಡ್ ತೆರೆಯುವ ದಿನಾಂಕ & ಸಮಯ
1	4702– ಎಸ್.ಸಿ.ಪಿ-ಚೆಕ್ ಡ್ಯಾಂ	4	ದಿ:25.02.2026	ದಿ:26.02.2026	ದಿ:27.02.2026
2	2702– ನೀರು ಕೆರೆಗಳ ದುರಸ್ತಿ ಮತ್ತು ನಿರ್ವಹಣೆ	3	17.29 ಗಂಟೆವರೆಗೆ	17.30 ಗಂಟೆ	17.30 ಗಂಟೆ
3	4702– ಎಸ್.ಸಿ.ಪಿ-ಕೊಳವೆಬಾವಿ	1			
4	ಮಂಡ್ಯ ಜಿಲ್ಲಾ ವ್ಯಾಪ್ತಿಯ ಸಣ್ಣ ನೀರಾವರಿ ಇಲಾಖೆಯ ಕೆರೆಗಳಲ್ಲಿ ಮೀನುಗಾರಿಕೆ ಮಾಡುವ ಇ-ಟೆಂಡರ್ ಮುಖೇನ ಮೀನುಹಿಡಿಯುವ ಹಕ್ಕು	13	ದಿ:12.03.2026 17.29 ಗಂಟೆವರೆಗೆ	ದಿ:13.03.2026 17.30 ಗಂಟೆ	ದಿ:16.03.2026 17.30 ಗಂಟೆ
www.kppp.karnataka.gov.in
ಕರ್ನಾಟಕ ಸರ್ಕಾರದ ಪರವಾಗಿ ಕಾರ್ಯನಿರ್ವಾಹಕ ಇಂಜಿನಿಯರ್ ಅವರು ಅರ್ಹ ಗುತ್ತಿಗೆದಾರರಿಂದ ಇ-ಪ್ರೊಕ್ಯೂರ್‌ಮೆಂಟ್ ಮೂಲಕ ಟೆಂಡರ್‌ಗಳನ್ನು ಆಹ್ವಾನಿಸಿದ್ದಾರೆ. ಟೆಂಡರ್ ದಾಖಲೆಗಳನ್ನು ಪೋರ್ಟಲ್‌ನಿಂದ ಡೌನ್‌ಲೋಡ್ ಮಾಡಿಕೊಳ್ಳಬಹುದು. ಹೆಚ್ಚಿನ ಮಾಹಿತಿಗಾಗಿ ಕಛೇರಿಯ ವೇಳೆಯಲ್ಲಿ ಸಂಪರ್ಕಿಸಬಹುದು. ಯಾವುದೇ ಕಾರಣ ನೀಡದೆ ಟೆಂಡರ್ ರದ್ದುಪಡಿಸುವ ಹಕ್ಕನ್ನು ಕಾಯ್ದಿರಿಸಲಾಗಿದೆ.
ಸಹಿ/- ಕಾರ್ಯಪಾಲಕ ಇಂಜಿನಿಯರ್, ಸಣ್ಣ ನೀರಾವರಿ ಮತ್ತು ಅಂತರ್ಜಲ ಅಭಿವೃದ್ಧಿ ವಿಭಾಗ, ಮಂಡ್ಯ
ವಾಪ್ರನಿ/ಮಂ/ಮು/ಕೆಎಸ್‌ಎಂಸಿಎ/794/2025-26
